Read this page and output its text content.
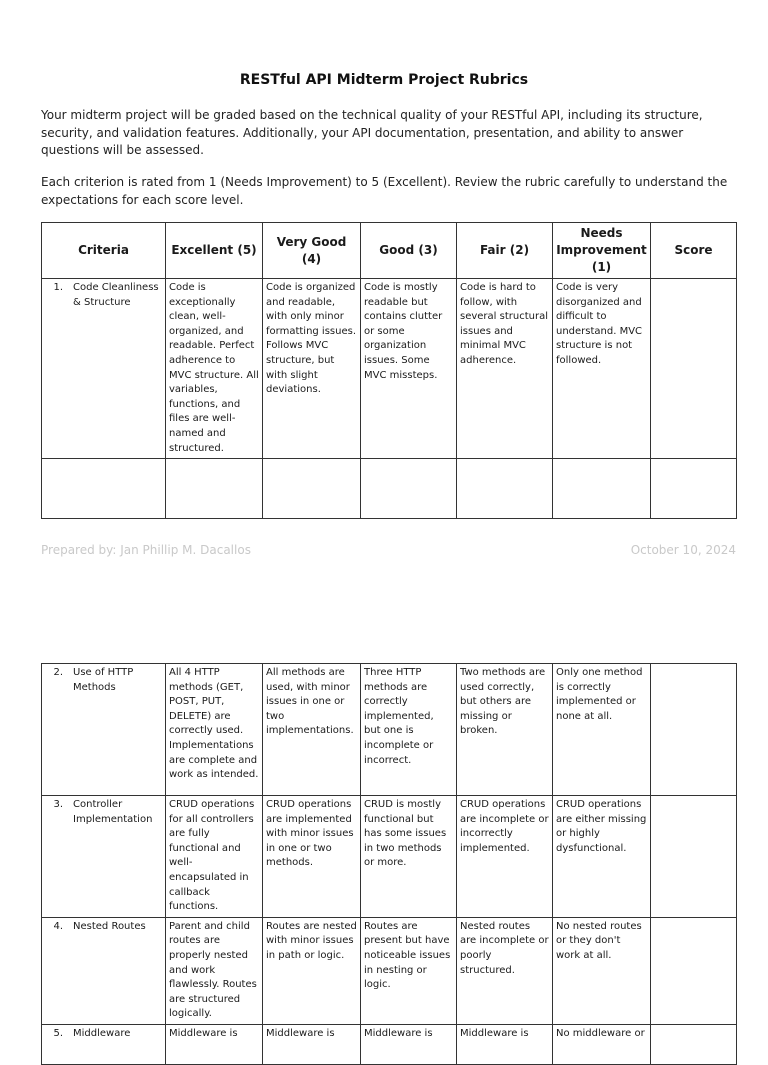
RESTful API Midterm Project Rubrics
Your midterm project will be graded based on the technical quality of your RESTful API, including its structure, security, and validation features. Additionally, your API documentation, presentation, and ability to answer questions will be assessed.
Each criterion is rated from 1 (Needs Improvement) to 5 (Excellent). Review the rubric carefully to understand the expectations for each score level.
Criteria	Excellent (5)	Very Good (4)	Good (3)	Fair (2)	Needs Improvement (1)	Score

1. Code Cleanliness & Structure	Code is exceptionally clean, well-organized, and readable. Perfect adherence to MVC structure. All variables, functions, and files are well-named and structured.	Code is organized and readable, with only minor formatting issues. Follows MVC structure, but with slight deviations.	Code is mostly readable but contains clutter or some organization issues. Some MVC missteps.	Code is hard to follow, with several structural issues and minimal MVC adherence.	Code is very disorganized and difficult to understand. MVC structure is not followed.	

Prepared by: Jan Phillip M. Dacallos	October 10, 2024
2. Use of HTTP Methods	All 4 HTTP methods (GET, POST, PUT, DELETE) are correctly used. Implementations are complete and work as intended.	All methods are used, with minor issues in one or two implementations.	Three HTTP methods are correctly implemented, but one is incomplete or incorrect.	Two methods are used correctly, but others are missing or broken.	Only one method is correctly implemented or none at all.	

3. Controller Implementation	CRUD operations for all controllers are fully functional and well-encapsulated in callback functions.	CRUD operations are implemented with minor issues in one or two methods.	CRUD is mostly functional but has some issues in two methods or more.	CRUD operations are incomplete or incorrectly implemented.	CRUD operations are either missing or highly dysfunctional.	

4. Nested Routes	Parent and child routes are properly nested and work flawlessly. Routes are structured logically.	Routes are nested with minor issues in path or logic.	Routes are present but have noticeable issues in nesting or logic.	Nested routes are incomplete or poorly structured.	No nested routes or they don't work at all.	

5. Middleware	Middleware is	Middleware is	Middleware is	Middleware is	No middleware or	
